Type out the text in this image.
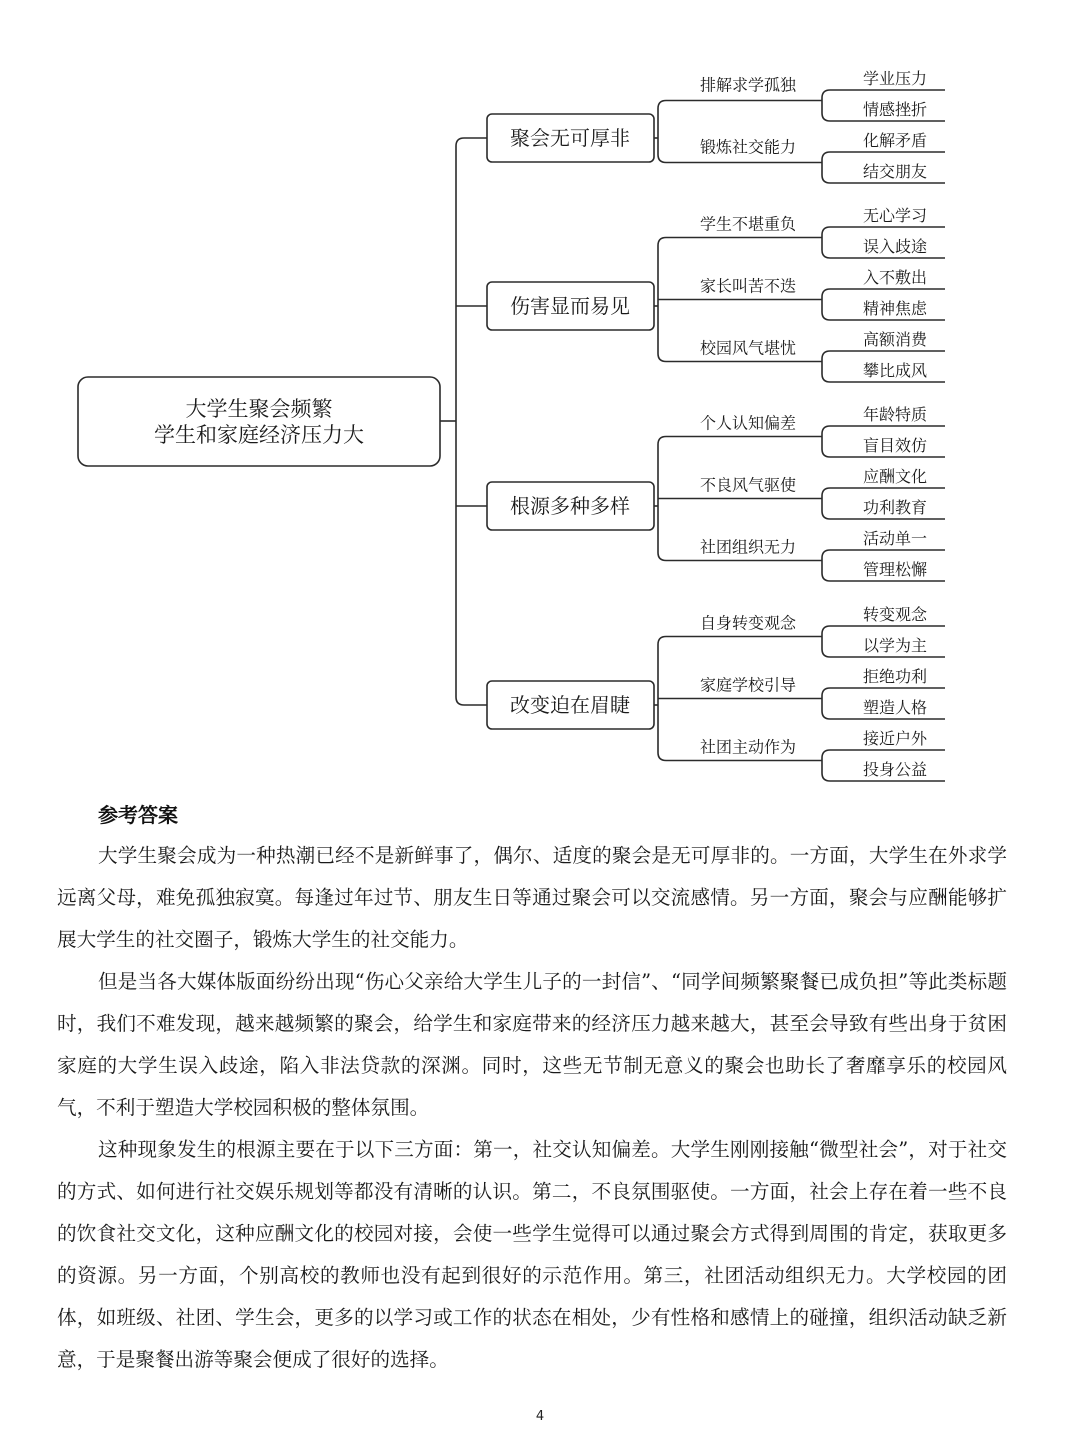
大学生聚会频繁
学生和家庭经济压力大
聚会无可厚非
排解求学孤独	学业压力
情感挫折
锻炼社交能力	化解矛盾
结交朋友
伤害显而易见
学生不堪重负	无心学习
误入歧途
家长叫苦不迭	入不敷出
精神焦虑
校园风气堪忧	高额消费
攀比成风
根源多种多样
个人认知偏差	年龄特质
盲目效仿
不良风气驱使	应酬文化
功利教育
社团组织无力	活动单一
管理松懈
改变迫在眉睫
自身转变观念	转变观念
以学为主
家庭学校引导	拒绝功利
塑造人格
社团主动作为	接近户外
投身公益
参考答案

大学生聚会成为一种热潮已经不是新鲜事了，偶尔、适度的聚会是无可厚非的。一方面，大学生在外求学远离父母，难免孤独寂寞。每逢过年过节、朋友生日等通过聚会可以交流感情。另一方面，聚会与应酬能够扩展大学生的社交圈子，锻炼大学生的社交能力。

但是当各大媒体版面纷纷出现“伤心父亲给大学生儿子的一封信”、“同学间频繁聚餐已成负担”等此类标题时，我们不难发现，越来越频繁的聚会，给学生和家庭带来的经济压力越来越大，甚至会导致有些出身于贫困家庭的大学生误入歧途，陷入非法贷款的深渊。同时，这些无节制无意义的聚会也助长了奢靡享乐的校园风气，不利于塑造大学校园积极的整体氛围。

这种现象发生的根源主要在于以下三方面：第一，社交认知偏差。大学生刚刚接触“微型社会”，对于社交的方式、如何进行社交娱乐规划等都没有清晰的认识。第二，不良氛围驱使。一方面，社会上存在着一些不良的饮食社交文化，这种应酬文化的校园对接，会使一些学生觉得可以通过聚会方式得到周围的肯定，获取更多的资源。另一方面，个别高校的教师也没有起到很好的示范作用。第三，社团活动组织无力。大学校园的团体，如班级、社团、学生会，更多的以学习或工作的状态在相处，少有性格和感情上的碰撞，组织活动缺乏新意，于是聚餐出游等聚会便成了很好的选择。

4
